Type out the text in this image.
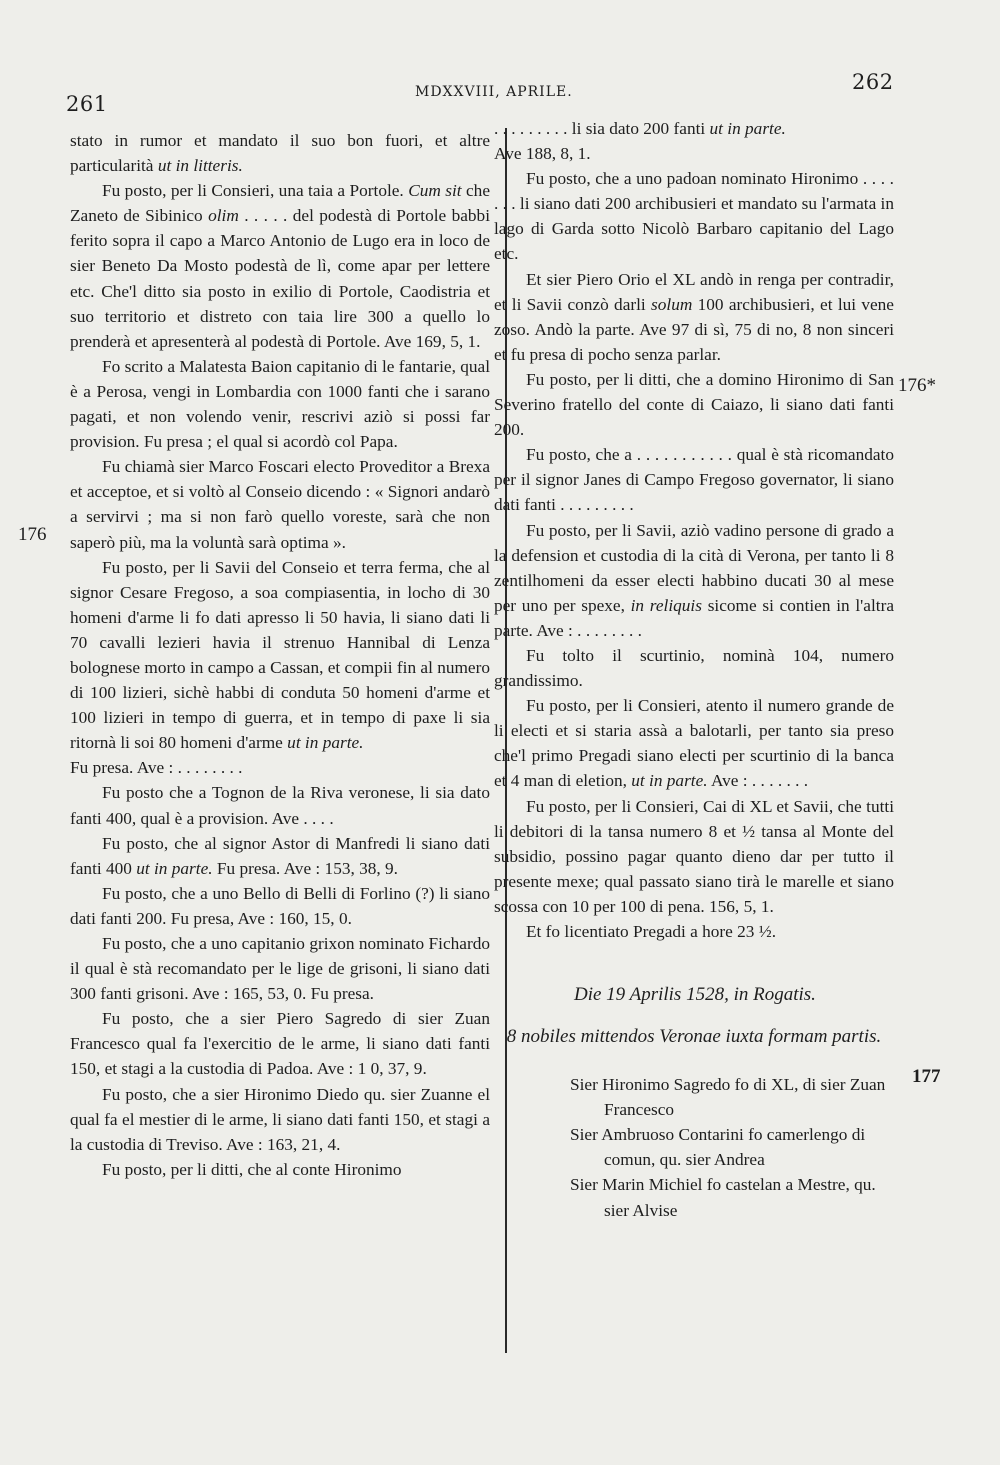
261	MDXXVIII, APRILE.	262
176
176*
177

stato in rumor et mandato il suo bon fuori, et altre particularità ut in litteris.

Fu posto, per li Consieri, una taia a Portole. Cum sit che Zaneto de Sibinico olim . . . . . del podestà di Portole babbi ferito sopra il capo a Marco Antonio de Lugo era in loco de sier Beneto Da Mosto podestà de lì, come apar per lettere etc. Che'l ditto sia posto in exilio di Portole, Caodistria et suo territorio et distreto con taia lire 300 a quello lo prenderà et apresenterà al podestà di Portole. Ave 169, 5, 1.

Fo scrito a Malatesta Baion capitanio di le fantarie, qual è a Perosa, vengi in Lombardia con 1000 fanti che i sarano pagati, et non volendo venir, rescrivi aziò si possi far provision. Fu presa ; el qual si acordò col Papa.

Fu chiamà sier Marco Foscari electo Proveditor a Brexa et acceptoe, et si voltò al Conseio dicendo : « Signori andarò a servirvi ; ma si non farò quello voreste, sarà che non saperò più, ma la voluntà sarà optima ».

Fu posto, per li Savii del Conseio et terra ferma, che al signor Cesare Fregoso, a soa compiasentia, in locho di 30 homeni d'arme li fo dati apresso li 50 havia, li siano dati li 70 cavalli lezieri havia il strenuo Hannibal di Lenza bolognese morto in campo a Cassan, et compii fin al numero di 100 lizieri, sichè habbi di conduta 50 homeni d'arme et 100 lizieri in tempo di guerra, et in tempo di paxe li sia ritornà li soi 80 homeni d'arme ut in parte.
Fu presa. Ave : . . . . . . . .

Fu posto che a Tognon de la Riva veronese, li sia dato fanti 400, qual è a provision. Ave . . . .

Fu posto, che al signor Astor di Manfredi li siano dati fanti 400 ut in parte. Fu presa. Ave : 153, 38, 9.

Fu posto, che a uno Bello di Belli di Forlino (?) li siano dati fanti 200. Fu presa, Ave : 160, 15, 0.

Fu posto, che a uno capitanio grixon nominato Fichardo il qual è stà recomandato per le lige de grisoni, li siano dati 300 fanti grisoni. Ave : 165, 53, 0. Fu presa.

Fu posto, che a sier Piero Sagredo di sier Zuan Francesco qual fa l'exercitio de le arme, li siano dati fanti 150, et stagi a la custodia di Padoa. Ave : 1 0, 37, 9.

Fu posto, che a sier Hironimo Diedo qu. sier Zuanne el qual fa el mestier di le arme, li siano dati fanti 150, et stagi a la custodia di Treviso. Ave : 163, 21, 4.

Fu posto, per li ditti, che al conte Hironimo

. . . . . . . . . li sia dato 200 fanti ut in parte.
Ave 188, 8, 1.

Fu posto, che a uno padoan nominato Hironimo . . . . . . . li siano dati 200 archibusieri et mandato su l'armata in lago di Garda sotto Nicolò Barbaro capitanio del Lago etc.

Et sier Piero Orio el XL andò in renga per contradir, et li Savii conzò darli solum 100 archibusieri, et lui vene zoso. Andò la parte. Ave 97 di sì, 75 di no, 8 non sinceri et fu presa di pocho senza parlar.

Fu posto, per li ditti, che a domino Hironimo di San Severino fratello del conte di Caiazo, li siano dati fanti 200.

Fu posto, che a . . . . . . . . . . . qual è stà ricomandato per il signor Janes di Campo Fregoso governator, li siano dati fanti . . . . . . . . .

Fu posto, per li Savii, aziò vadino persone di grado a la defension et custodia di la cità di Verona, per tanto li 8 zentilhomeni da esser electi habbino ducati 30 al mese per uno per spexe, in reliquis sicome si contien in l'altra parte. Ave : . . . . . . . .

Fu tolto il scurtinio, nominà 104, numero grandissimo.

Fu posto, per li Consieri, atento il numero grande de li electi et si staria assà a balotarli, per tanto sia preso che'l primo Pregadi siano electi per scurtinio di la banca et 4 man di eletion, ut in parte. Ave : . . . . . . .

Fu posto, per li Consieri, Cai di XL et Savii, che tutti li debitori di la tansa numero 8 et ½ tansa al Monte del subsidio, possino pagar quanto dieno dar per tutto il presente mexe; qual passato siano tirà le marelle et siano scossa con 10 per 100 di pena. 156, 5, 1.

Et fo licentiato Pregadi a hore 23 ½.

Die 19 Aprilis 1528, in Rogatis.

8 nobiles mittendos Veronae iuxta formam partis.

Sier Hironimo Sagredo fo di XL, di sier Zuan Francesco

Sier Ambruoso Contarini fo camerlengo di comun, qu. sier Andrea

Sier Marin Michiel fo castelan a Mestre, qu. sier Alvise
